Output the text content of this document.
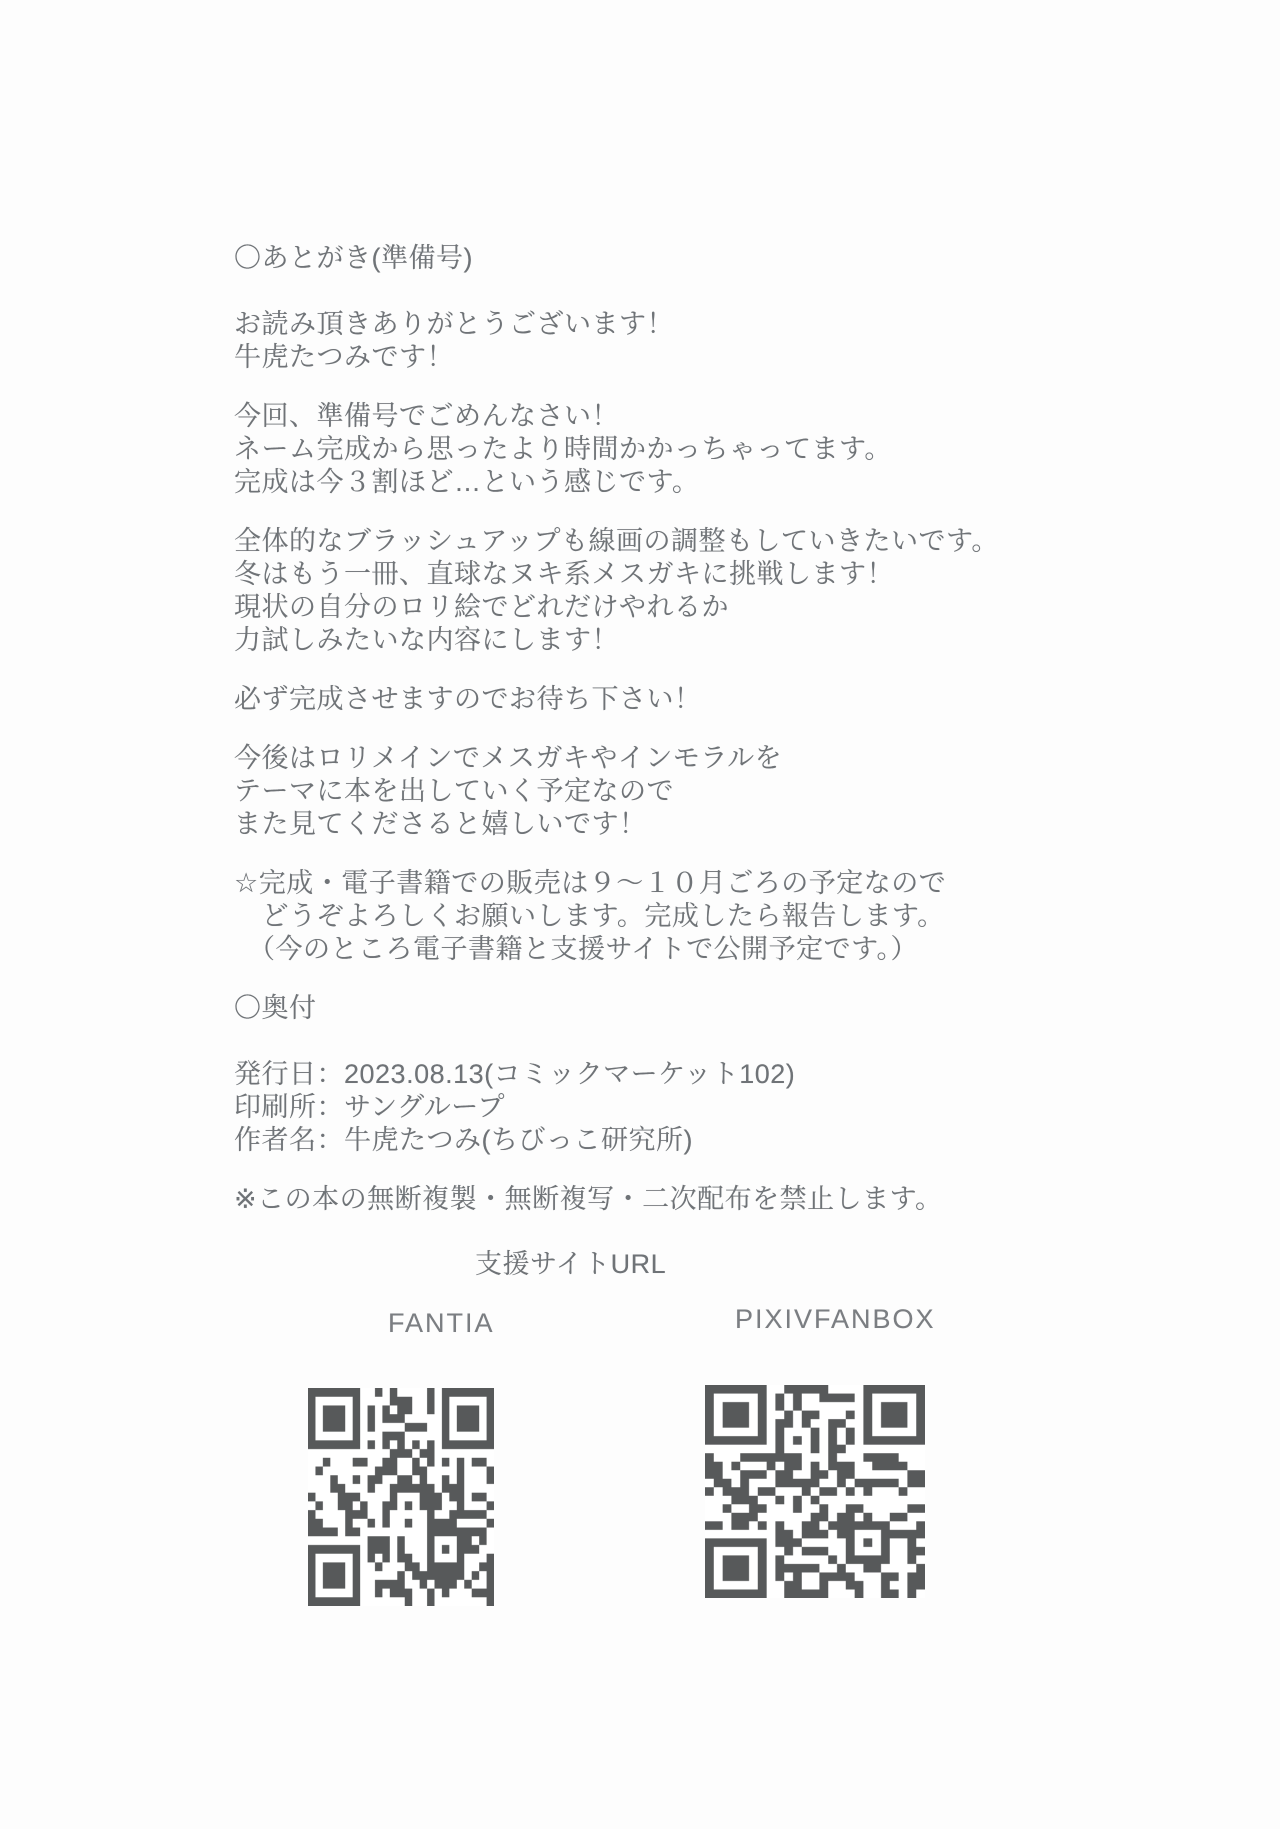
〇あとがき(準備号)
お読み頂きありがとうございます！
牛虎たつみです！
今回、準備号でごめんなさい！
ネーム完成から思ったより時間かかっちゃってます。
完成は今３割ほど…という感じです。
全体的なブラッシュアップも線画の調整もしていきたいです。
冬はもう一冊、直球なヌキ系メスガキに挑戦します！
現状の自分のロリ絵でどれだけやれるか
力試しみたいな内容にします！
必ず完成させますのでお待ち下さい！
今後はロリメインでメスガキやインモラルを
テーマに本を出していく予定なので
また見てくださると嬉しいです！
☆完成・電子書籍での販売は９～１０月ごろの予定なので
　どうぞよろしくお願いします。完成したら報告します。
　（今のところ電子書籍と支援サイトで公開予定です。）
〇奥付
発行日：2023.08.13(コミックマーケット102)
印刷所：サングループ
作者名：牛虎たつみ(ちびっこ研究所)
※この本の無断複製・無断複写・二次配布を禁止します。
支援サイトURL
FANTIA	PIXIVFANBOX
